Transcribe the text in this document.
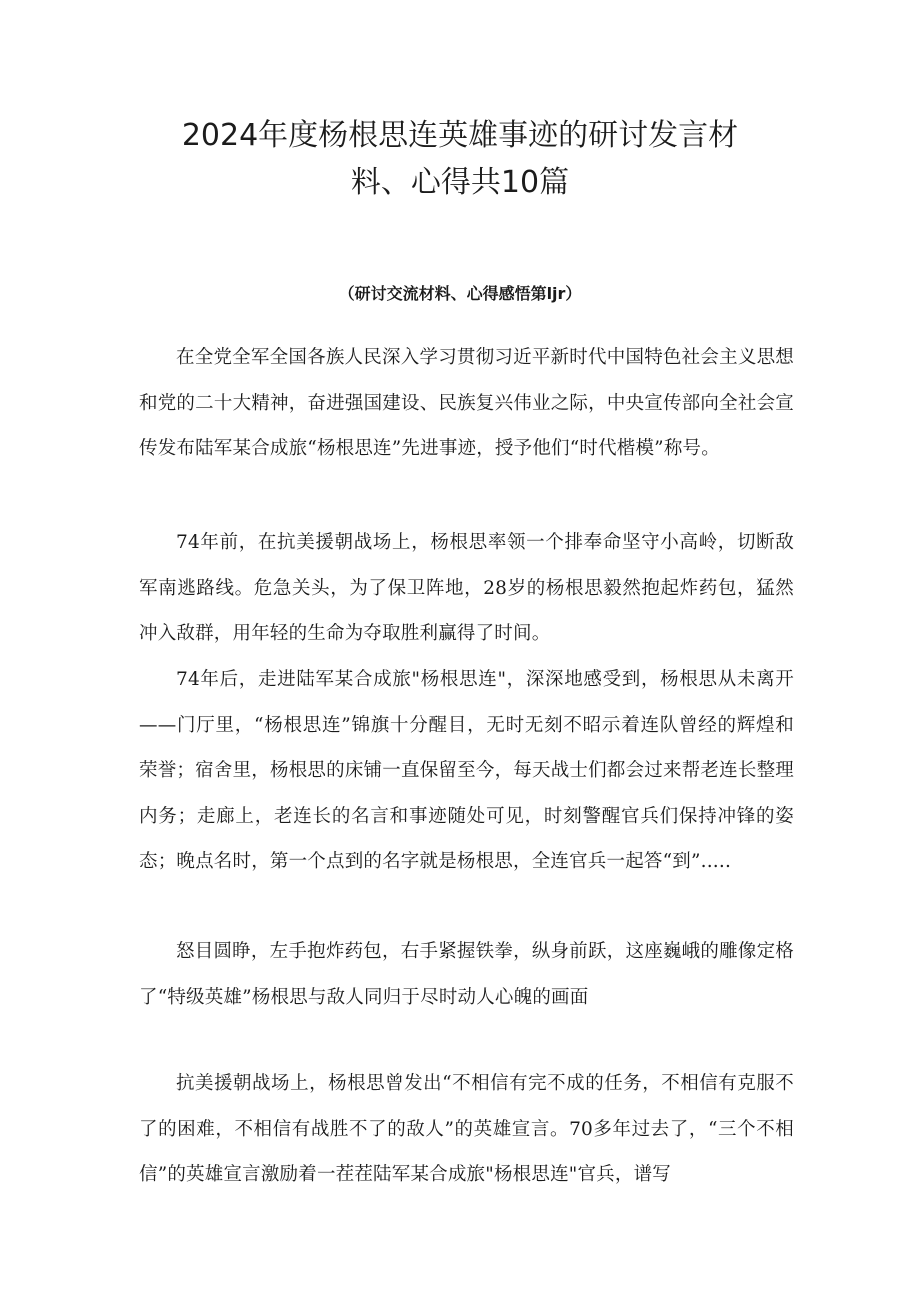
2024年度杨根思连英雄事迹的研讨发言材
料、心得共10篇

（研讨交流材料、心得感悟第ljr）

在全党全军全国各族人民深入学习贯彻习近平新时代中国特色社会主义思想和党的二十大精神，奋进强国建设、民族复兴伟业之际，中央宣传部向全社会宣传发布陆军某合成旅“杨根思连”先进事迹，授予他们“时代楷模”称号。

74年前，在抗美援朝战场上，杨根思率领一个排奉命坚守小高岭，切断敌军南逃路线。危急关头，为了保卫阵地，28岁的杨根思毅然抱起炸药包，猛然冲入敌群，用年轻的生命为夺取胜利赢得了时间。

74年后，走进陆军某合成旅"杨根思连"，深深地感受到，杨根思从未离开——门厅里，“杨根思连”锦旗十分醒目，无时无刻不昭示着连队曾经的辉煌和荣誉；宿舍里，杨根思的床铺一直保留至今，每天战士们都会过来帮老连长整理内务；走廊上，老连长的名言和事迹随处可见，时刻警醒官兵们保持冲锋的姿态；晚点名时，第一个点到的名字就是杨根思，全连官兵一起答“到”.....

怒目圆睁，左手抱炸药包，右手紧握铁拳，纵身前跃，这座巍峨的雕像定格了“特级英雄”杨根思与敌人同归于尽时动人心魄的画面

抗美援朝战场上，杨根思曾发出“不相信有完不成的任务，不相信有克服不了的困难，不相信有战胜不了的敌人”的英雄宣言。70多年过去了，“三个不相信”的英雄宣言激励着一茬茬陆军某合成旅"杨根思连"官兵，谱写
